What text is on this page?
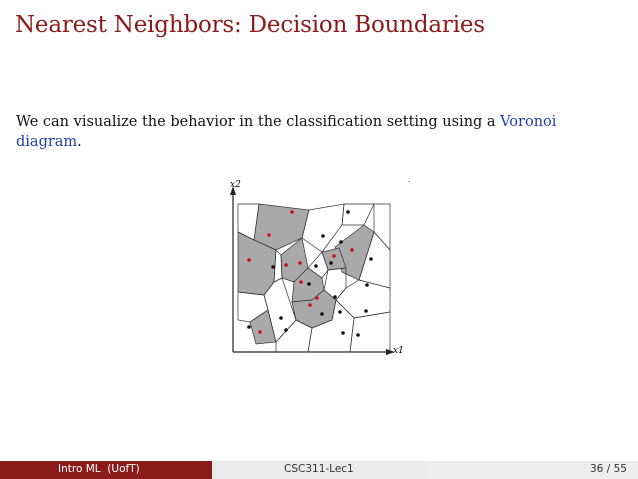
Nearest Neighbors: Decision Boundaries
We can visualize the behavior in the classification setting using a Voronoi diagram.
x2
x1
.
Intro ML  (UofT)	CSC311-Lec1	36 / 55
